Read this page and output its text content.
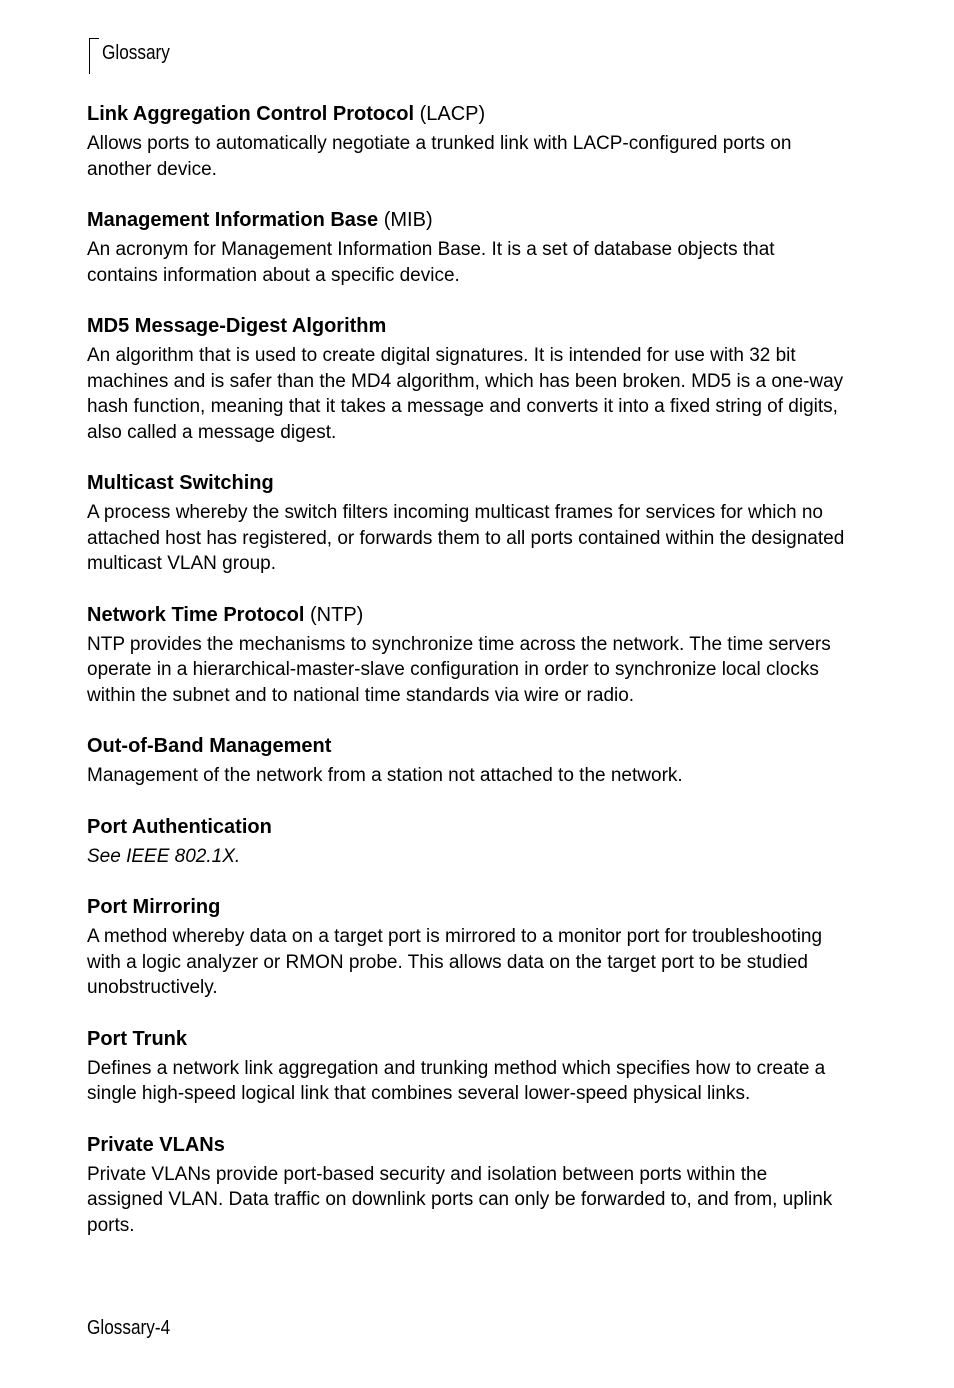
Glossary
Link Aggregation Control Protocol (LACP)

Allows ports to automatically negotiate a trunked link with LACP-configured ports on another device.

Management Information Base (MIB)

An acronym for Management Information Base. It is a set of database objects that contains information about a specific device.

MD5 Message-Digest Algorithm

An algorithm that is used to create digital signatures. It is intended for use with 32 bit machines and is safer than the MD4 algorithm, which has been broken. MD5 is a one-way hash function, meaning that it takes a message and converts it into a fixed string of digits, also called a message digest.

Multicast Switching

A process whereby the switch filters incoming multicast frames for services for which no attached host has registered, or forwards them to all ports contained within the designated multicast VLAN group.

Network Time Protocol (NTP)

NTP provides the mechanisms to synchronize time across the network. The time servers operate in a hierarchical-master-slave configuration in order to synchronize local clocks within the subnet and to national time standards via wire or radio.

Out-of-Band Management

Management of the network from a station not attached to the network.

Port Authentication

See IEEE 802.1X.

Port Mirroring

A method whereby data on a target port is mirrored to a monitor port for troubleshooting with a logic analyzer or RMON probe. This allows data on the target port to be studied unobstructively.

Port Trunk

Defines a network link aggregation and trunking method which specifies how to create a single high-speed logical link that combines several lower-speed physical links.

Private VLANs

Private VLANs provide port-based security and isolation between ports within the assigned VLAN. Data traffic on downlink ports can only be forwarded to, and from, uplink ports.

Glossary-4
